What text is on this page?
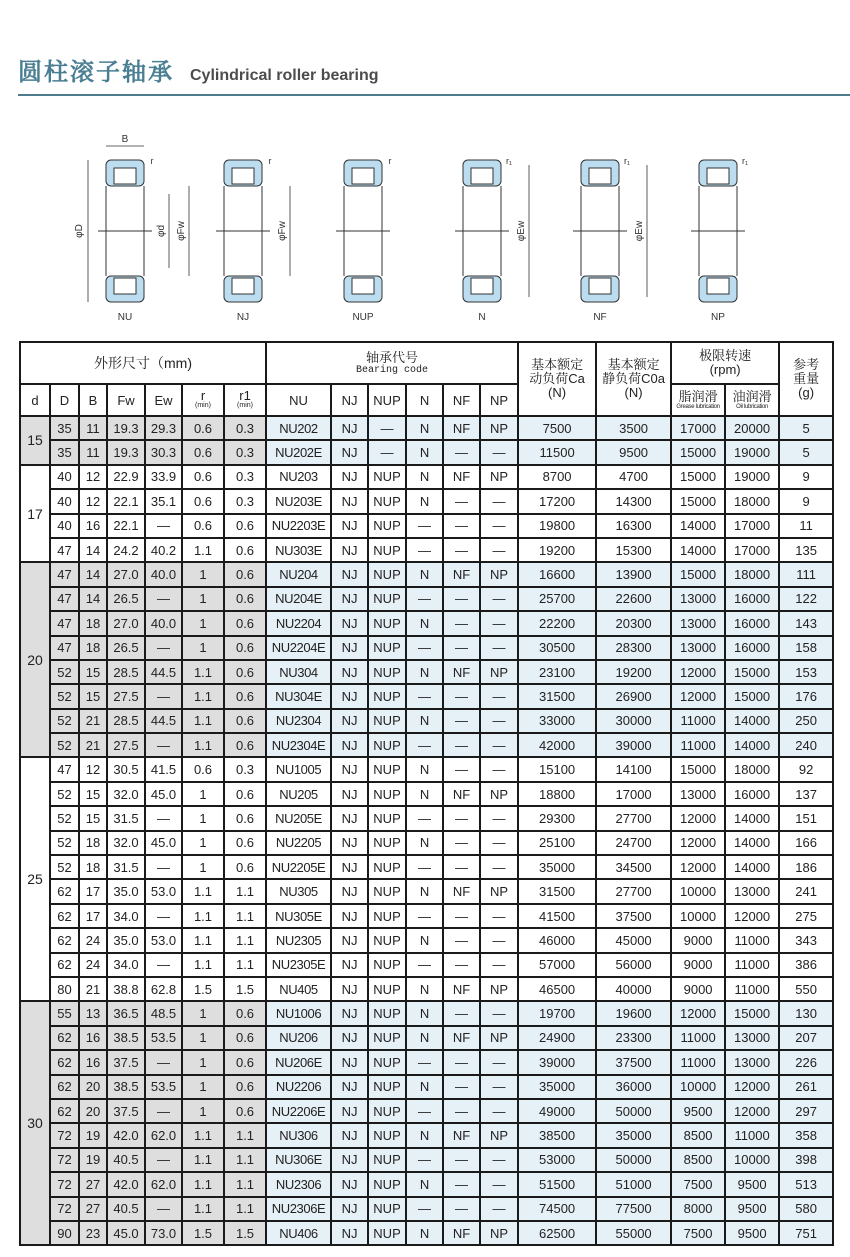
圆柱滚子轴承 Cylindrical roller bearing
NU
r
B
φD	φd φFw
NJ
r
φFw
NUP
r
N
r₁
φEw
NF
r₁
φEw
NP
r₁
外形尺寸（mm)							轴承代号
Bearing code						基本额定
动负荷Ca
(N)	基本额定
静负荷C0a
(N)	极限转速
(rpm)		参考
重量
(g)

d	D	B	Fw	Ew	r
(min)	r1
(min)	NU	NJ	NUP	N	NF	NP			脂润滑
Grease lubrication	油润滑
Oil lubrication	

15	35	11	19.3	29.3	0.6	0.3	NU202	NJ	—	N	NF	NP	7500	3500	17000	20000	5
	35	11	19.3	30.3	0.6	0.3	NU202E	NJ	—	N	—	—	11500	9500	15000	19000	5
17	40	12	22.9	33.9	0.6	0.3	NU203	NJ	NUP	N	NF	NP	8700	4700	15000	19000	9
	40	12	22.1	35.1	0.6	0.3	NU203E	NJ	NUP	N	—	—	17200	14300	15000	18000	9
	40	16	22.1	—	0.6	0.6	NU2203E	NJ	NUP	—	—	—	19800	16300	14000	17000	11
	47	14	24.2	40.2	1.1	0.6	NU303E	NJ	NUP	—	—	—	19200	15300	14000	17000	135
20	47	14	27.0	40.0	1	0.6	NU204	NJ	NUP	N	NF	NP	16600	13900	15000	18000	111
	47	14	26.5	—	1	0.6	NU204E	NJ	NUP	—	—	—	25700	22600	13000	16000	122
	47	18	27.0	40.0	1	0.6	NU2204	NJ	NUP	N	—	—	22200	20300	13000	16000	143
	47	18	26.5	—	1	0.6	NU2204E	NJ	NUP	—	—	—	30500	28300	13000	16000	158
	52	15	28.5	44.5	1.1	0.6	NU304	NJ	NUP	N	NF	NP	23100	19200	12000	15000	153
	52	15	27.5	—	1.1	0.6	NU304E	NJ	NUP	—	—	—	31500	26900	12000	15000	176
	52	21	28.5	44.5	1.1	0.6	NU2304	NJ	NUP	N	—	—	33000	30000	11000	14000	250
	52	21	27.5	—	1.1	0.6	NU2304E	NJ	NUP	—	—	—	42000	39000	11000	14000	240
25	47	12	30.5	41.5	0.6	0.3	NU1005	NJ	NUP	N	—	—	15100	14100	15000	18000	92
	52	15	32.0	45.0	1	0.6	NU205	NJ	NUP	N	NF	NP	18800	17000	13000	16000	137
	52	15	31.5	—	1	0.6	NU205E	NJ	NUP	—	—	—	29300	27700	12000	14000	151
	52	18	32.0	45.0	1	0.6	NU2205	NJ	NUP	N	—	—	25100	24700	12000	14000	166
	52	18	31.5	—	1	0.6	NU2205E	NJ	NUP	—	—	—	35000	34500	12000	14000	186
	62	17	35.0	53.0	1.1	1.1	NU305	NJ	NUP	N	NF	NP	31500	27700	10000	13000	241
	62	17	34.0	—	1.1	1.1	NU305E	NJ	NUP	—	—	—	41500	37500	10000	12000	275
	62	24	35.0	53.0	1.1	1.1	NU2305	NJ	NUP	N	—	—	46000	45000	9000	11000	343
	62	24	34.0	—	1.1	1.1	NU2305E	NJ	NUP	—	—	—	57000	56000	9000	11000	386
	80	21	38.8	62.8	1.5	1.5	NU405	NJ	NUP	N	NF	NP	46500	40000	9000	11000	550
30	55	13	36.5	48.5	1	0.6	NU1006	NJ	NUP	N	—	—	19700	19600	12000	15000	130
	62	16	38.5	53.5	1	0.6	NU206	NJ	NUP	N	NF	NP	24900	23300	11000	13000	207
	62	16	37.5	—	1	0.6	NU206E	NJ	NUP	—	—	—	39000	37500	11000	13000	226
	62	20	38.5	53.5	1	0.6	NU2206	NJ	NUP	N	—	—	35000	36000	10000	12000	261
	62	20	37.5	—	1	0.6	NU2206E	NJ	NUP	—	—	—	49000	50000	9500	12000	297
	72	19	42.0	62.0	1.1	1.1	NU306	NJ	NUP	N	NF	NP	38500	35000	8500	11000	358
	72	19	40.5	—	1.1	1.1	NU306E	NJ	NUP	—	—	—	53000	50000	8500	10000	398
	72	27	42.0	62.0	1.1	1.1	NU2306	NJ	NUP	N	—	—	51500	51000	7500	9500	513
	72	27	40.5	—	1.1	1.1	NU2306E	NJ	NUP	—	—	—	74500	77500	8000	9500	580
	90	23	45.0	73.0	1.5	1.5	NU406	NJ	NUP	N	NF	NP	62500	55000	7500	9500	751
